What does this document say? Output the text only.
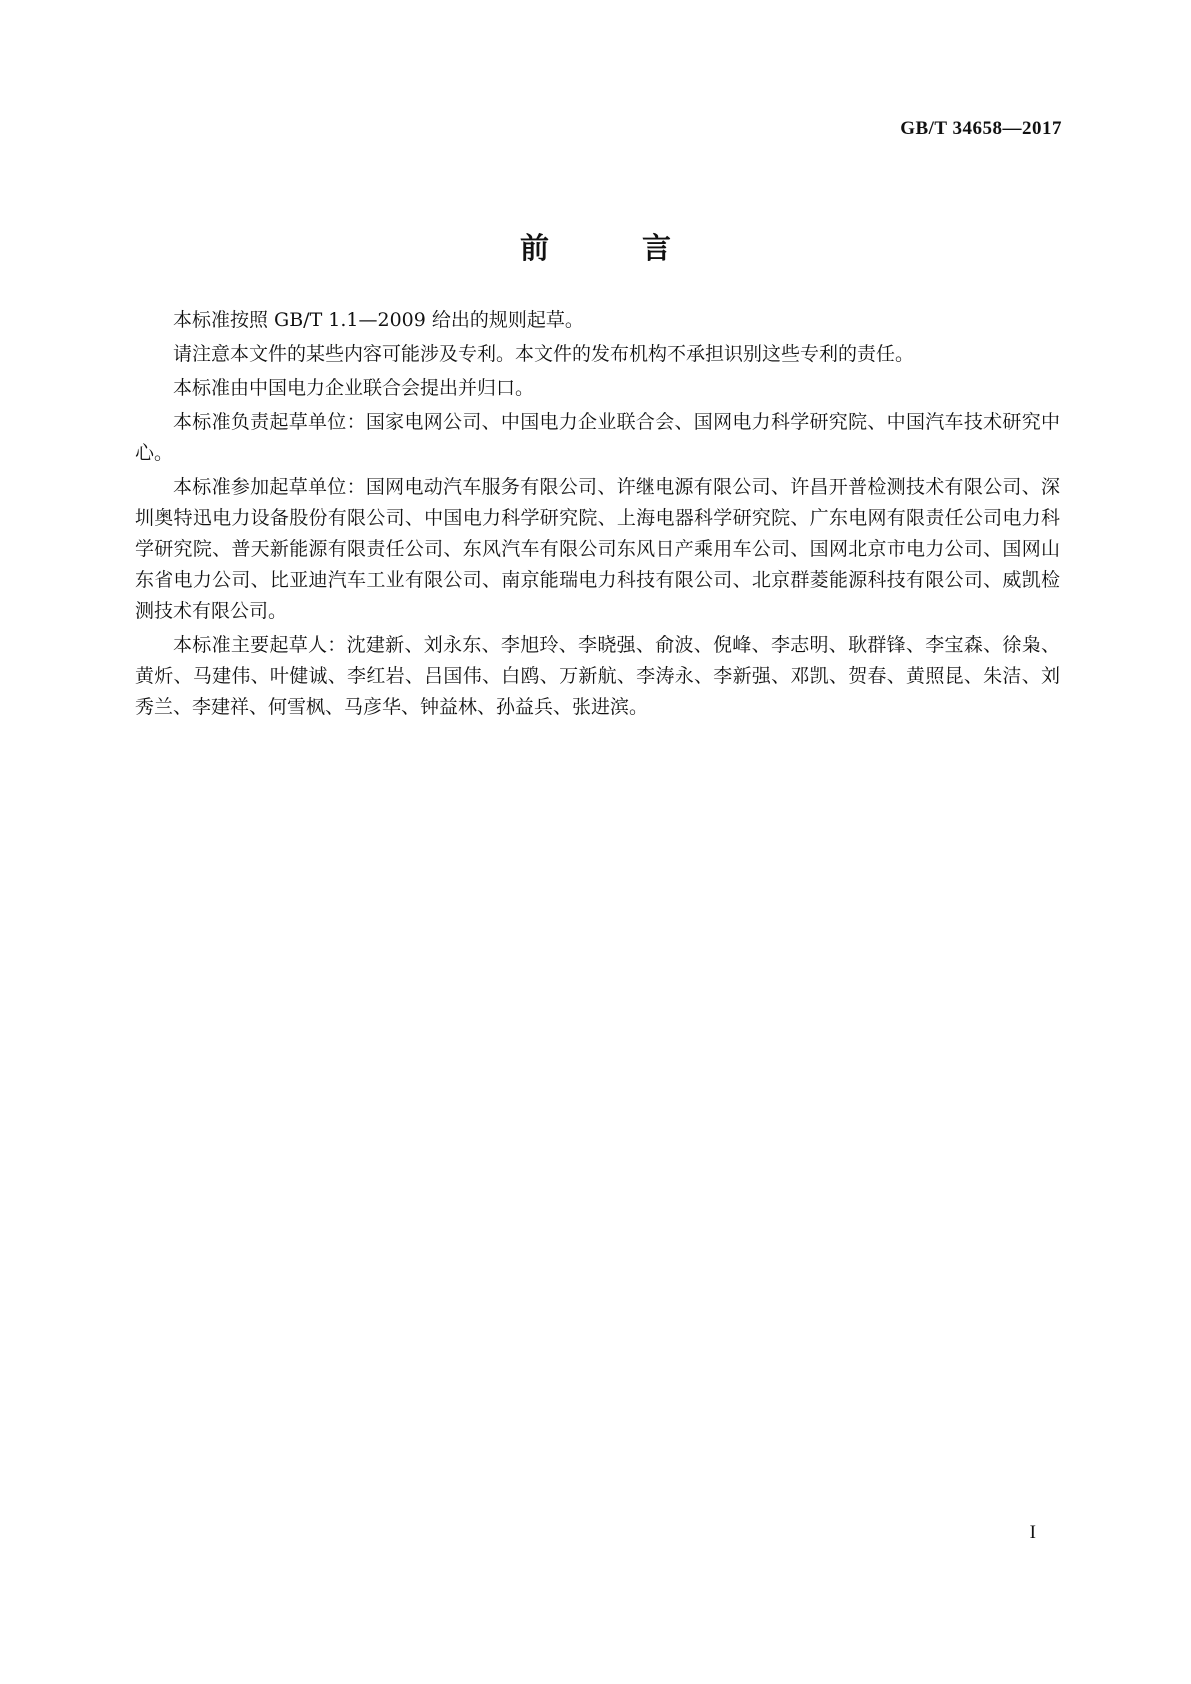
GB/T 34658—2017
前　言

本标准按照 GB/T 1.1—2009 给出的规则起草。

请注意本文件的某些内容可能涉及专利。本文件的发布机构不承担识别这些专利的责任。

本标准由中国电力企业联合会提出并归口。

本标准负责起草单位：国家电网公司、中国电力企业联合会、国网电力科学研究院、中国汽车技术研究中心。

本标准参加起草单位：国网电动汽车服务有限公司、许继电源有限公司、许昌开普检测技术有限公司、深圳奥特迅电力设备股份有限公司、中国电力科学研究院、上海电器科学研究院、广东电网有限责任公司电力科学研究院、普天新能源有限责任公司、东风汽车有限公司东风日产乘用车公司、国网北京市电力公司、国网山东省电力公司、比亚迪汽车工业有限公司、南京能瑞电力科技有限公司、北京群菱能源科技有限公司、威凯检测技术有限公司。

本标准主要起草人：沈建新、刘永东、李旭玲、李晓强、俞波、倪峰、李志明、耿群锋、李宝森、徐枭、黄炘、马建伟、叶健诚、李红岩、吕国伟、白鸥、万新航、李涛永、李新强、邓凯、贺春、黄照昆、朱洁、刘秀兰、李建祥、何雪枫、马彦华、钟益林、孙益兵、张进滨。

I
